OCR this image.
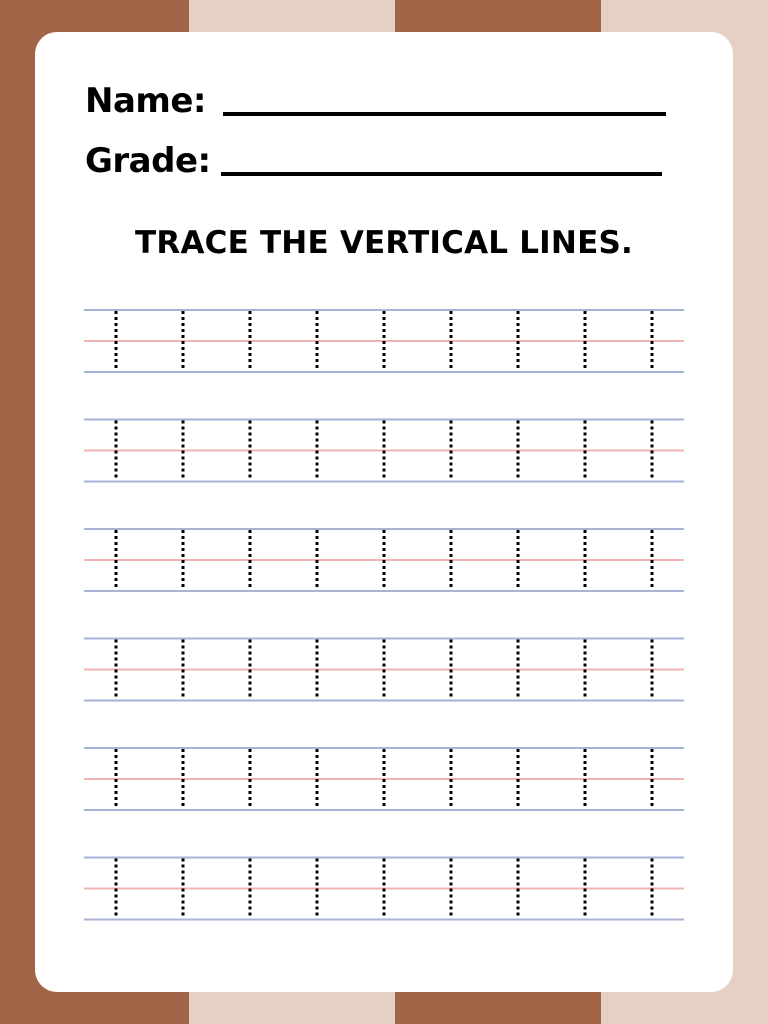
Name:
Grade:
TRACE THE VERTICAL LINES.
